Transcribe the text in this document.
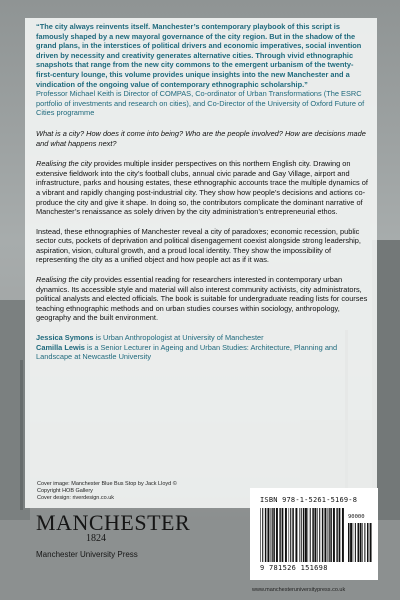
“The city always reinvents itself. Manchester’s contemporary playbook of this script is famously shaped by a new mayoral governance of the city region. But in the shadow of the grand plans, in the interstices of political drivers and economic imperatives, social invention driven by necessity and creativity generates alternative cities. Through vivid ethnographic snapshots that range from the new city commons to the emergent urbanism of the twenty-first-century lounge, this volume provides unique insights into the new Manchester and a vindication of the ongoing value of contemporary ethnographic scholarship.”

Professor Michael Keith is Director of COMPAS, Co-ordinator of Urban Transformations (The ESRC portfolio of investments and research on cities), and Co-Director of the University of Oxford Future of Cities programme

What is a city? How does it come into being? Who are the people involved? How are decisions made and what happens next?

Realising the city provides multiple insider perspectives on this northern English city. Drawing on extensive fieldwork into the city’s football clubs, annual civic parade and Gay Village, airport and infrastructure, parks and housing estates, these ethnographic accounts trace the multiple dynamics of a vibrant and rapidly changing post-industrial city. They show how people’s decisions and actions co-produce the city and give it shape. In doing so, the contributors complicate the dominant narrative of Manchester’s renaissance as solely driven by the city administration’s entrepreneurial ethos.

Instead, these ethnographies of Manchester reveal a city of paradoxes; economic recession, public sector cuts, pockets of deprivation and political disengagement coexist alongside strong leadership, aspiration, vision, cultural growth, and a proud local identity. They show the impossibility of representing the city as a unified object and how people act as if it was.

Realising the city provides essential reading for researchers interested in contemporary urban dynamics. Its accessible style and material will also interest community activists, city administrators, political analysts and elected officials. The book is suitable for undergraduate reading lists for courses teaching ethnographic methods and on urban studies courses within sociology, anthropology, geography and the built environment.

Jessica Symons is Urban Anthropologist at University of Manchester

Camilla Lewis is a Senior Lecturer in Ageing and Urban Studies: Architecture, Planning and Landscape at Newcastle University

Cover image: Manchester Blue Bus Stop by Jack Lloyd © Copyright HOB Gallery
Cover design: riverdesign.co.uk
MANCHESTER
1824
Manchester University Press
ISBN 978-1-5261-5169-8
90000
9 781526 151698
www.manchesteruniversitypress.co.uk
